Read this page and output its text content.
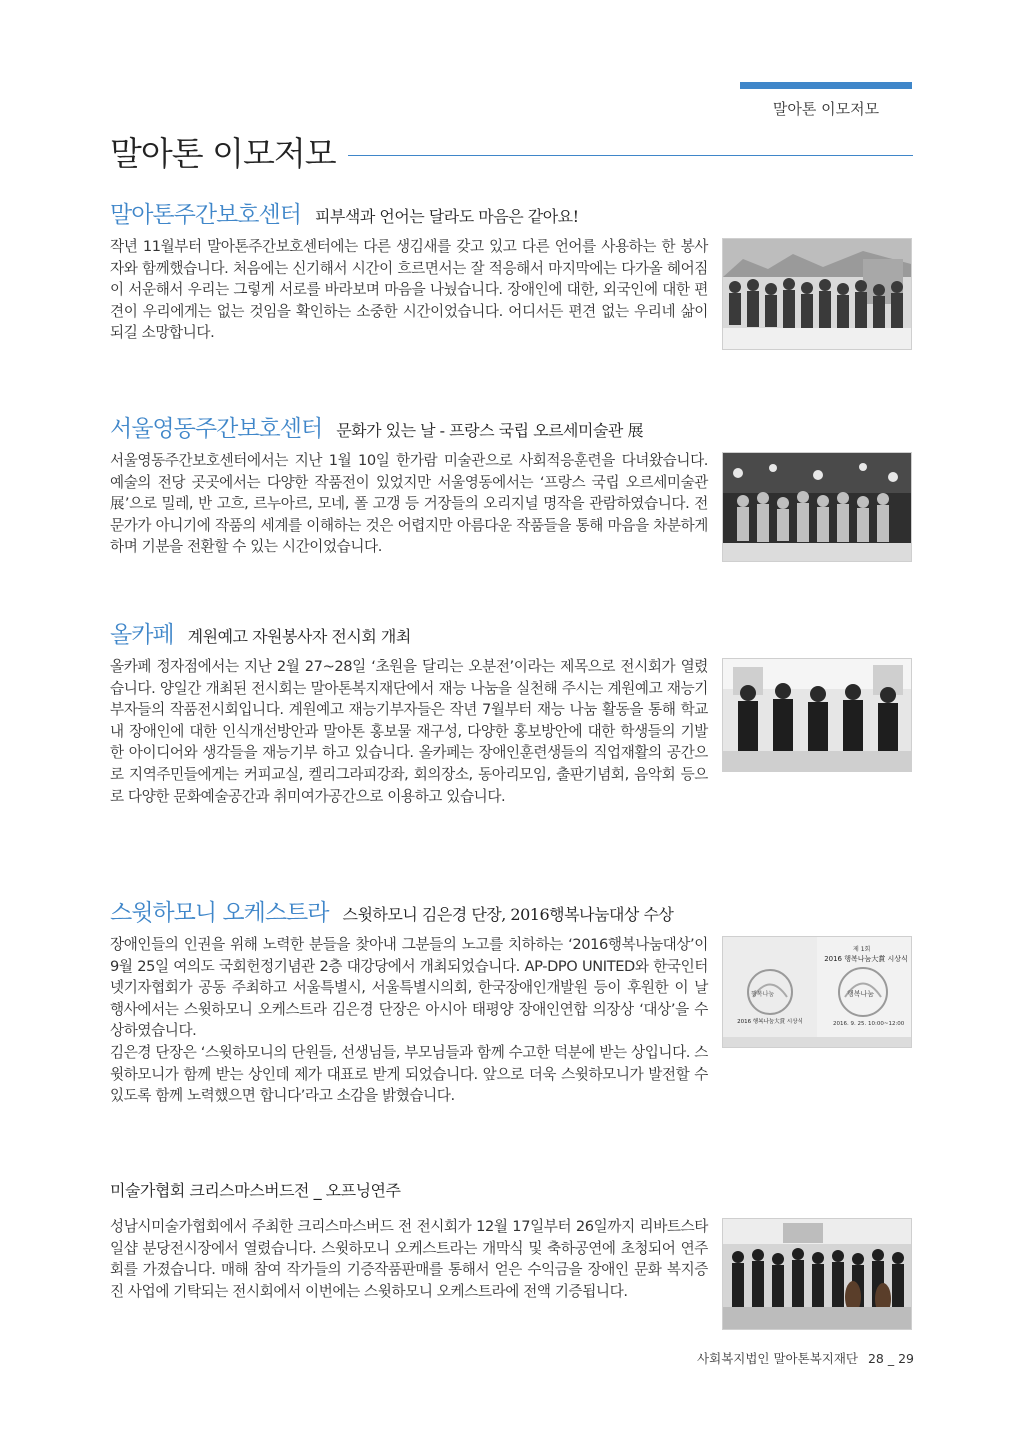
말아톤 이모저모
말아톤 이모저모
말아톤주간보호센터 피부색과 언어는 달라도 마음은 같아요!

작년 11월부터 말아톤주간보호센터에는 다른 생김새를 갖고 있고 다른 언어를 사용하는 한 봉사자와 함께했습니다. 처음에는 신기해서 시간이 흐르면서는 잘 적응해서 마지막에는 다가올 헤어짐이 서운해서 우리는 그렇게 서로를 바라보며 마음을 나눴습니다. 장애인에 대한, 외국인에 대한 편견이 우리에게는 없는 것임을 확인하는 소중한 시간이었습니다. 어디서든 편견 없는 우리네 삶이 되길 소망합니다.

서울영동주간보호센터 문화가 있는 날 - 프랑스 국립 오르세미술관 展

서울영동주간보호센터에서는 지난 1월 10일 한가람 미술관으로 사회적응훈련을 다녀왔습니다. 예술의 전당 곳곳에서는 다양한 작품전이 있었지만 서울영동에서는 ‘프랑스 국립 오르세미술관 展’으로 밀레, 반 고흐, 르누아르, 모네, 폴 고갱 등 거장들의 오리지널 명작을 관람하였습니다. 전문가가 아니기에 작품의 세계를 이해하는 것은 어렵지만 아름다운 작품들을 통해 마음을 차분하게 하며 기분을 전환할 수 있는 시간이었습니다.

올카페 계원예고 자원봉사자 전시회 개최

올카페 정자점에서는 지난 2월 27~28일 ‘초원을 달리는 오분전’이라는 제목으로 전시회가 열렸습니다. 양일간 개최된 전시회는 말아톤복지재단에서 재능 나눔을 실천해 주시는 계원예고 재능기부자들의 작품전시회입니다. 계원예고 재능기부자들은 작년 7월부터 재능 나눔 활동을 통해 학교 내 장애인에 대한 인식개선방안과 말아톤 홍보물 재구성, 다양한 홍보방안에 대한 학생들의 기발한 아이디어와 생각들을 재능기부 하고 있습니다. 올카페는 장애인훈련생들의 직업재활의 공간으로 지역주민들에게는 커피교실, 켈리그라피강좌, 회의장소, 동아리모임, 출판기념회, 음악회 등으로 다양한 문화예술공간과 취미여가공간으로 이용하고 있습니다.

스윗하모니 오케스트라 스윗하모니 김은경 단장, 2016행복나눔대상 수상

장애인들의 인권을 위해 노력한 분들을 찾아내 그분들의 노고를 치하하는 ‘2016행복나눔대상’이 9월 25일 여의도 국회헌정기념관 2층 대강당에서 개최되었습니다. AP-DPO UNITED와 한국인터넷기자협회가 공동 주최하고 서울특별시, 서울특별시의회, 한국장애인개발원 등이 후원한 이 날 행사에서는 스윗하모니 오케스트라 김은경 단장은 아시아 태평양 장애인연합 의장상 ‘대상’을 수상하였습니다.

김은경 단장은 ‘스윗하모니의 단원들, 선생님들, 부모님들과 함께 수고한 덕분에 받는 상입니다. 스윗하모니가 함께 받는 상인데 제가 대표로 받게 되었습니다. 앞으로 더욱 스윗하모니가 발전할 수 있도록 함께 노력했으면 합니다’라고 소감을 밝혔습니다.

제 1회
2016 행복나눔大賞 시상식
행복나눔	행복나눔
2016 행복나눔大賞 시상식	2016. 9. 25. 10:00~12:00
미술가협회 크리스마스버드전 _ 오프닝연주

성남시미술가협회에서 주최한 크리스마스버드 전 전시회가 12월 17일부터 26일까지 리바트스타일샵 분당전시장에서 열렸습니다. 스윗하모니 오케스트라는 개막식 및 축하공연에 초청되어 연주회를 가졌습니다. 매해 참여 작가들의 기증작품판매를 통해서 얻은 수익금을 장애인 문화 복지증진 사업에 기탁되는 전시회에서 이번에는 스윗하모니 오케스트라에 전액 기증됩니다.

사회복지법인 말아톤복지재단 28 _ 29
